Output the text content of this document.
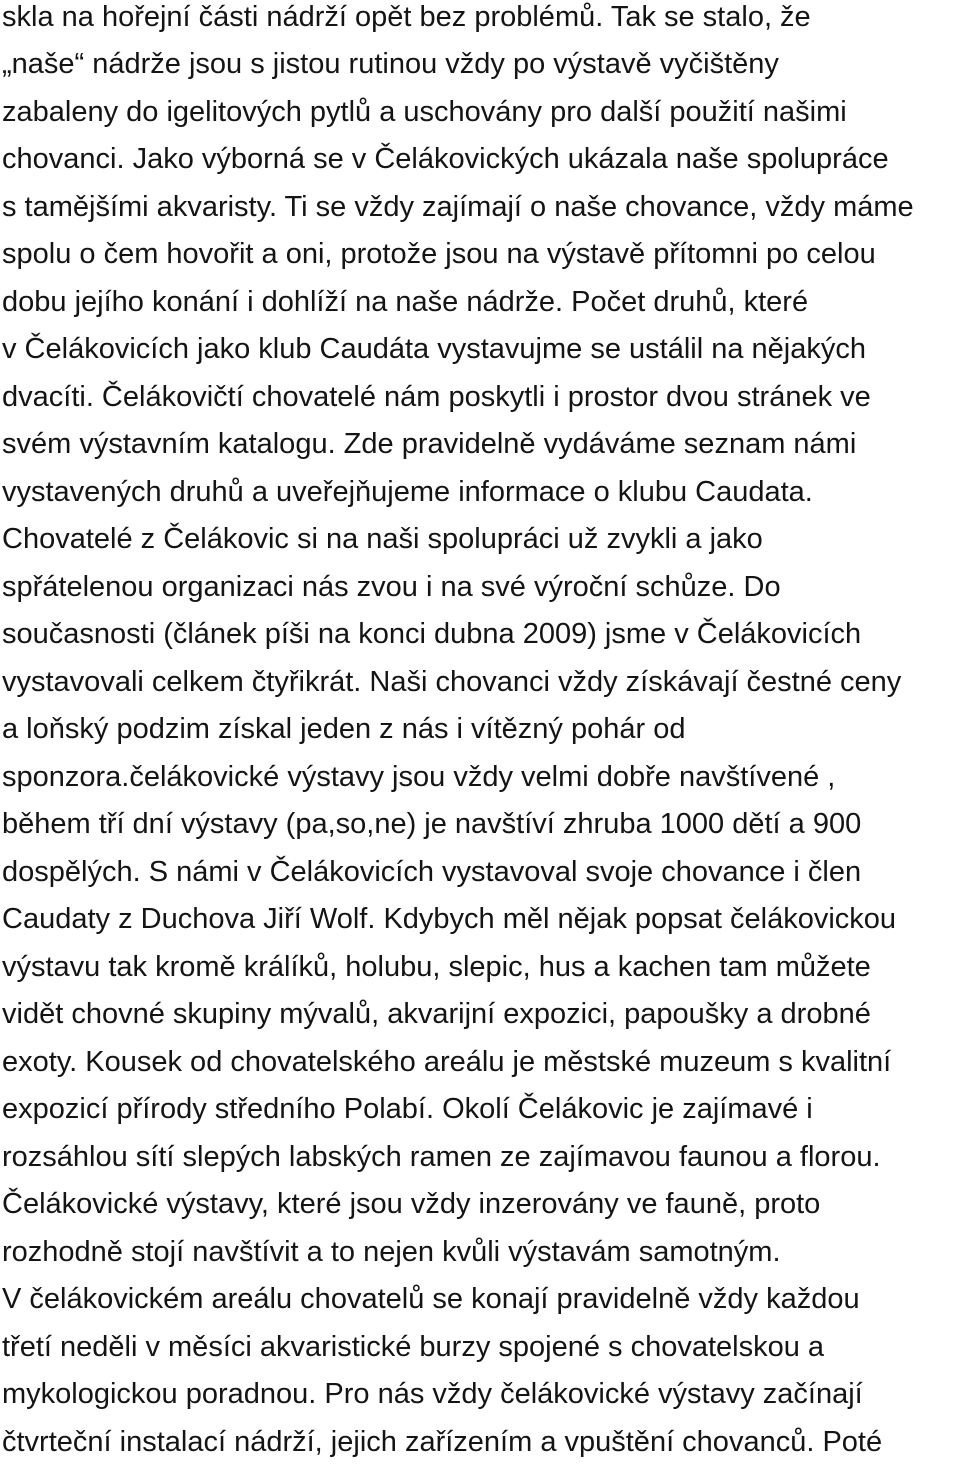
skla na hořejní části nádrží opět bez problémů. Tak se stalo, že
„naše“ nádrže jsou s jistou rutinou vždy po výstavě vyčištěny
zabaleny do igelitových pytlů a uschovány pro další použití našimi
chovanci. Jako výborná se v Čelákovických ukázala naše spolupráce
s tamějšími akvaristy. Ti se vždy zajímají o naše chovance, vždy máme
spolu o čem hovořit a oni, protože jsou na výstavě přítomni po celou
dobu jejího konání i dohlíží na naše nádrže. Počet druhů, které
v Čelákovicích jako klub Caudáta vystavujme se ustálil na nějakých
dvacíti. Čelákovičtí chovatelé nám poskytli i prostor dvou stránek ve
svém výstavním katalogu. Zde pravidelně vydáváme seznam námi
vystavených druhů a uveřejňujeme informace o klubu Caudata.
Chovatelé z Čelákovic si na naši spolupráci už zvykli a jako
spřátelenou organizaci nás zvou i na své výroční schůze. Do
současnosti (článek píši na konci dubna 2009) jsme v Čelákovicích
vystavovali celkem čtyřikrát. Naši chovanci vždy získávají čestné ceny
a loňský podzim získal jeden z nás i vítězný pohár od
sponzora.čelákovické výstavy jsou vždy velmi dobře navštívené ,
během tří dní výstavy (pa,so,ne) je navštíví zhruba 1000 dětí a 900
dospělých. S námi v Čelákovicích vystavoval svoje chovance i člen
Caudaty z Duchova Jiří Wolf. Kdybych měl nějak popsat čelákovickou
výstavu tak kromě králíků, holubu, slepic, hus a kachen tam můžete
vidět chovné skupiny mývalů, akvarijní expozici, papoušky a drobné
exoty. Kousek od chovatelského areálu je městské muzeum s kvalitní
expozicí přírody středního Polabí. Okolí Čelákovic je zajímavé i
rozsáhlou sítí slepých labských ramen ze zajímavou faunou a florou.
Čelákovické výstavy, které jsou vždy inzerovány ve fauně, proto
rozhodně stojí navštívit a to nejen kvůli výstavám samotným.
V čelákovickém areálu chovatelů se konají pravidelně vždy každou
třetí neděli v měsíci akvaristické burzy spojené s chovatelskou a
mykologickou poradnou. Pro nás vždy čelákovické výstavy začínají
čtvrteční instalací nádrží, jejich zařízením a vpuštění chovanců. Poté
